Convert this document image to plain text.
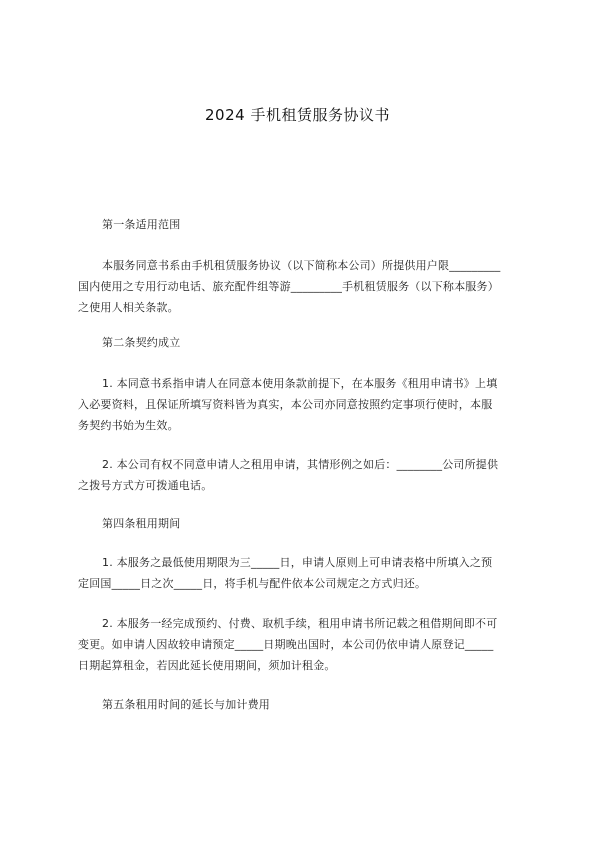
2024 手机租赁服务协议书
第一条适用范围
本服务同意书系由手机租赁服务协议（以下简称本公司）所提供用户限_________
国内使用之专用行动电话、旅充配件组等游_________手机租赁服务（以下称本服务）
之使用人相关条款。
第二条契约成立
1. 本同意书系指申请人在同意本使用条款前提下，在本服务《租用申请书》上填
入必要资料，且保证所填写资料皆为真实，本公司亦同意按照约定事项行使时，本服
务契约书始为生效。
2. 本公司有权不同意申请人之租用申请，其情形例之如后：________公司所提供
之拨号方式方可拨通电话。
第四条租用期间
1. 本服务之最低使用期限为三_____日，申请人原则上可申请表格中所填入之预
定回国_____日之次_____日，将手机与配件依本公司规定之方式归还。
2. 本服务一经完成预约、付费、取机手续，租用申请书所记载之租借期间即不可
变更。如申请人因故较申请预定_____日期晚出国时，本公司仍依申请人原登记_____
日期起算租金，若因此延长使用期间，须加计租金。
第五条租用时间的延长与加计费用
